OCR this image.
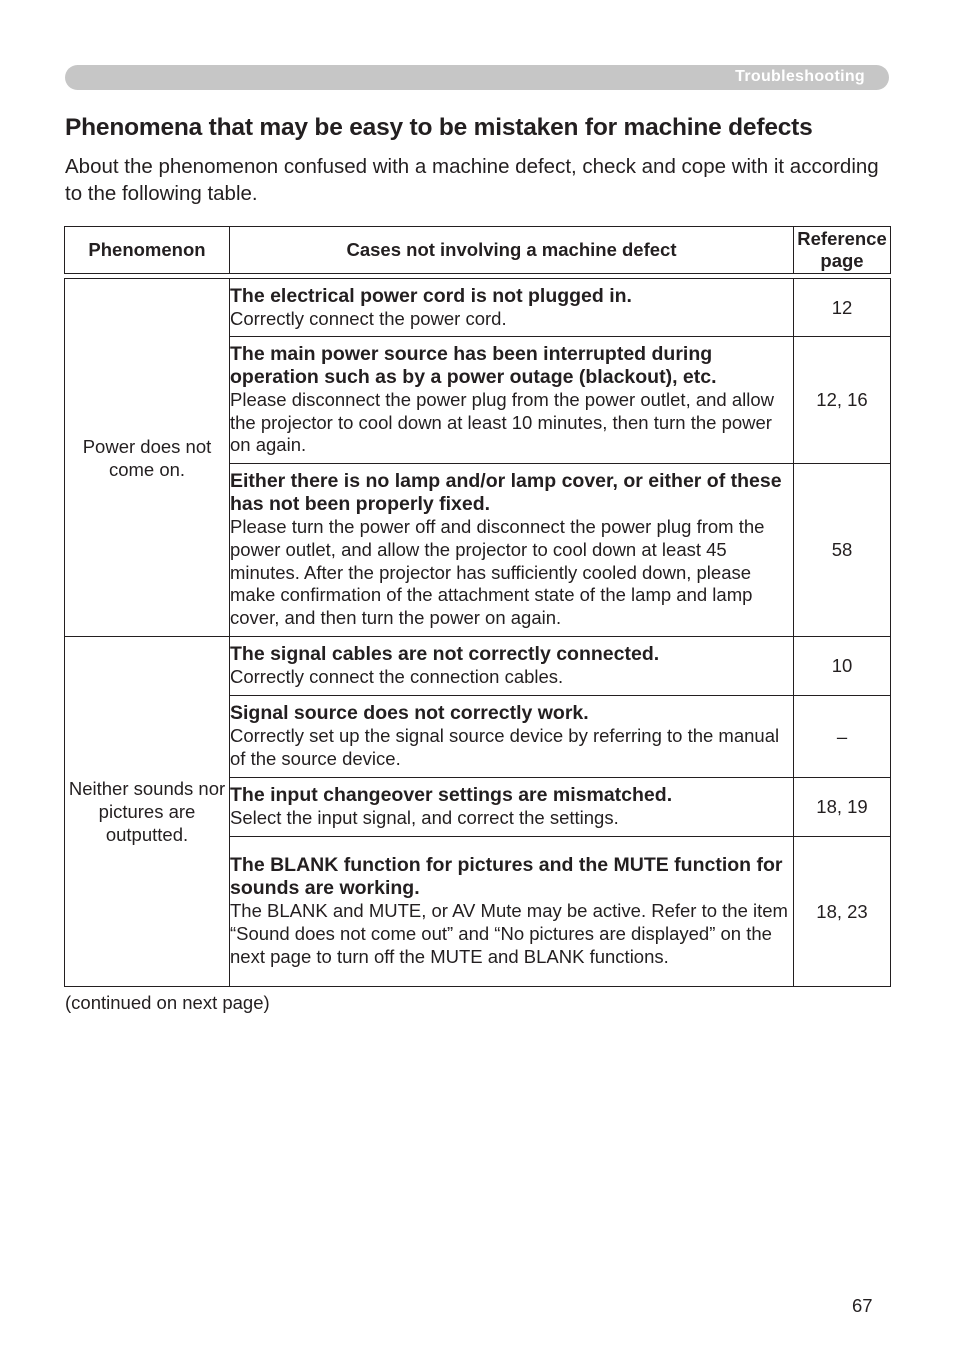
Troubleshooting
Phenomena that may be easy to be mistaken for machine defects

About the phenomenon confused with a machine defect, check and cope with it according to the following table.

Phenomenon	Cases not involving a machine defect	Reference page

Power does not come on.	The electrical power cord is not plugged in.
Correctly connect the power cord.	12

	The main power source has been interrupted during operation such as by a power outage (blackout), etc.
Please disconnect the power plug from the power outlet, and allow the projector to cool down at least 10 minutes, then turn the power on again.	12, 16

	Either there is no lamp and/or lamp cover, or either of these has not been properly fixed.
Please turn the power off and disconnect the power plug from the power outlet, and allow the projector to cool down at least 45 minutes. After the projector has sufficiently cooled down, please make confirmation of the attachment state of the lamp and lamp cover, and then turn the power on again.	58
Neither sounds nor pictures are outputted.	The signal cables are not correctly connected.
Correctly connect the connection cables.	10

	Signal source does not correctly work.
Correctly set up the signal source device by referring to the manual of the source device.	–

	The input changeover settings are mismatched.
Select the input signal, and correct the settings.	18, 19

	The BLANK function for pictures and the MUTE function for sounds are working.
The BLANK and MUTE, or AV Mute may be active. Refer to the item “Sound does not come out” and “No pictures are displayed” on the next page to turn off the MUTE and BLANK functions.	18, 23
(continued on next page)
67
